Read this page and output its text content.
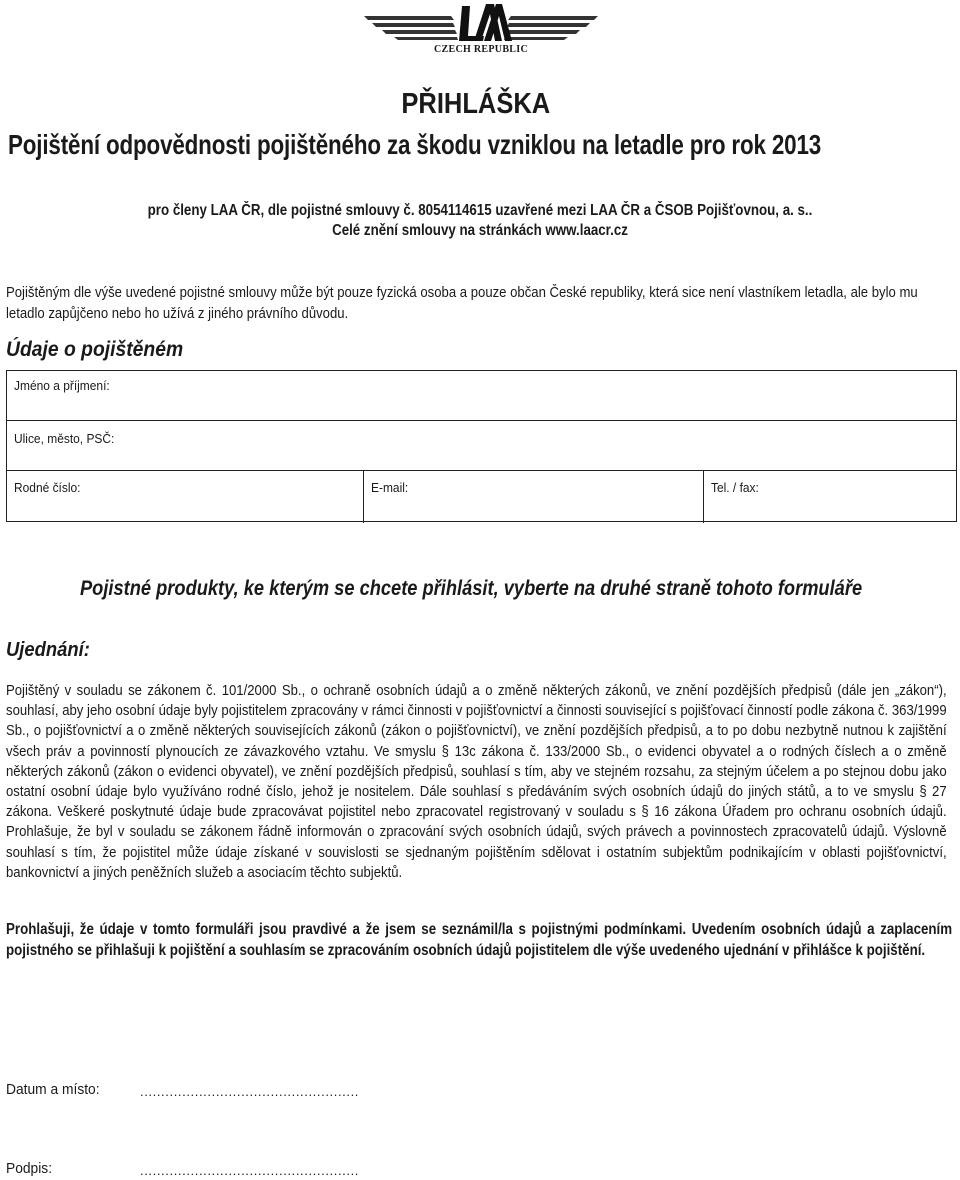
CZECH REPUBLIC
PŘIHLÁŠKA
Pojištění odpovědnosti pojištěného za škodu vzniklou na letadle pro rok 2013
pro členy LAA ČR, dle pojistné smlouvy č. 8054114615 uzavřené mezi LAA ČR a ČSOB Pojišťovnou, a. s..
Celé znění smlouvy na stránkách www.laacr.cz
Pojištěným dle výše uvedené pojistné smlouvy může být pouze fyzická osoba a pouze občan České republiky, která sice není vlastníkem letadla, ale bylo mu letadlo zapůjčeno nebo ho užívá z jiného právního důvodu.
Údaje o pojištěném
Jméno a příjmení:
Ulice, město, PSČ:
Rodné číslo:	E-mail:	Tel. / fax:
Pojistné produkty, ke kterým se chcete přihlásit, vyberte na druhé straně tohoto formuláře
Ujednání:
Pojištěný v souladu se zákonem č. 101/2000 Sb., o ochraně osobních údajů a o změně některých zákonů, ve znění pozdějších předpisů (dále jen „zákon“), souhlasí, aby jeho osobní údaje byly pojistitelem zpracovány v rámci činnosti v pojišťovnictví a činnosti související s pojišťovací činností podle zákona č. 363/1999 Sb., o pojišťovnictví a o změně některých souvisejících zákonů (zákon o pojišťovnictví), ve znění pozdějších předpisů, a to po dobu nezbytně nutnou k zajištění všech práv a povinností plynoucích ze závazkového vztahu. Ve smyslu § 13c zákona č. 133/2000 Sb., o evidenci obyvatel a o rodných číslech a o změně některých zákonů (zákon o evidenci obyvatel), ve znění pozdějších předpisů, souhlasí s tím, aby ve stejném rozsahu, za stejným účelem a po stejnou dobu jako ostatní osobní údaje bylo využíváno rodné číslo, jehož je nositelem. Dále souhlasí s předáváním svých osobních údajů do jiných států, a to ve smyslu § 27 zákona. Veškeré poskytnuté údaje bude zpracovávat pojistitel nebo zpracovatel registrovaný v souladu s § 16 zákona Úřadem pro ochranu osobních údajů. Prohlašuje, že byl v souladu se zákonem řádně informován o zpracování svých osobních údajů, svých právech a povinnostech zpracovatelů údajů. Výslovně souhlasí s tím, že pojistitel může údaje získané v souvislosti se sjednaným pojištěním sdělovat i ostatním subjektům podnikajícím v oblasti pojišťovnictví, bankovnictví a jiných peněžních služeb a asociacím těchto subjektů.
Prohlašuji, že údaje v tomto formuláři jsou pravdivé a že jsem se seznámil/la s pojistnými podmínkami. Uvedením osobních údajů a zaplacením pojistného se přihlašuji k pojištění a souhlasím se zpracováním osobních údajů pojistitelem dle výše uvedeného ujednání v přihlášce k pojištění.
Datum a místo:	....................................................
Podpis:	....................................................
